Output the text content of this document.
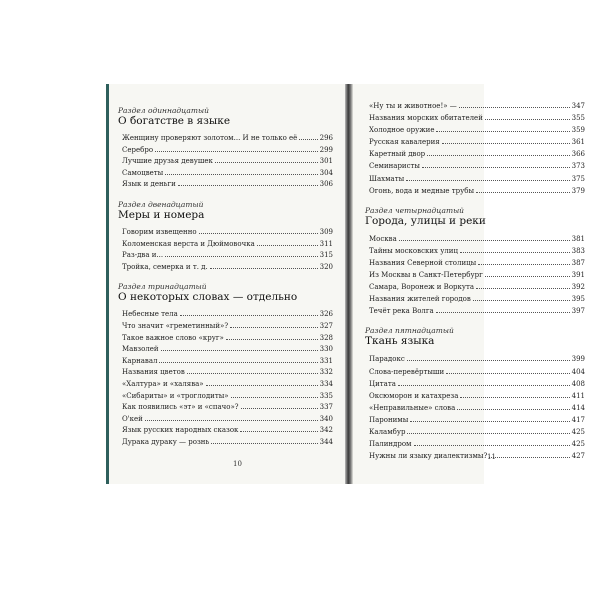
Раздел одиннадцатый
О богатстве в языке
Женщину проверяют золотом... И не только её	296
Серебро	299
Лучшие друзья девушек	301
Самоцветы	304
Язык и деньги	306
Раздел двенадцатый
Меры и номера
Говорим извещенно	309
Коломенская верста и Дюймовочка	311
Раз-два и...	315
Тройка, семерка и т. д.	320
Раздел тринадцатый
О некоторых словах — отдельно
Небесные тела	326
Что значит «греметинный»?	327
Такое важное слово «круг»	328
Мавзолей	330
Карнавал	331
Названия цветов	332
«Халтура» и «халява»	334
«Сибариты» и «троглодиты»	335
Как появились «эт» и «спачо»?	337
О'кей	340
Язык русских народных сказок	342
Дурака дураку — рознь	344
«Ну ты и животное!» —	347
Названия морских обитателей	355
Холодное оружие	359
Русская кавалерия	361
Каретный двор	366
Семинаристы	373
Шахматы	375
Огонь, вода и медные трубы	379
Раздел четырнадцатый
Города, улицы и реки
Москва	381
Тайны московских улиц	383
Названия Северной столицы	387
Из Москвы в Санкт-Петербург	391
Самара, Воронеж и Воркута	392
Названия жителей городов	395
Течёт река Волга	397
Раздел пятнадцатый
Ткань языка
Парадокс	399
Слова-перевёртыши	404
Цитата	408
Оксюморон и катахреза	411
«Неправильные» слова	414
Паронимы	417
Каламбур	425
Палиндром	425
Нужны ли языку диалектизмы?	427
10
11
